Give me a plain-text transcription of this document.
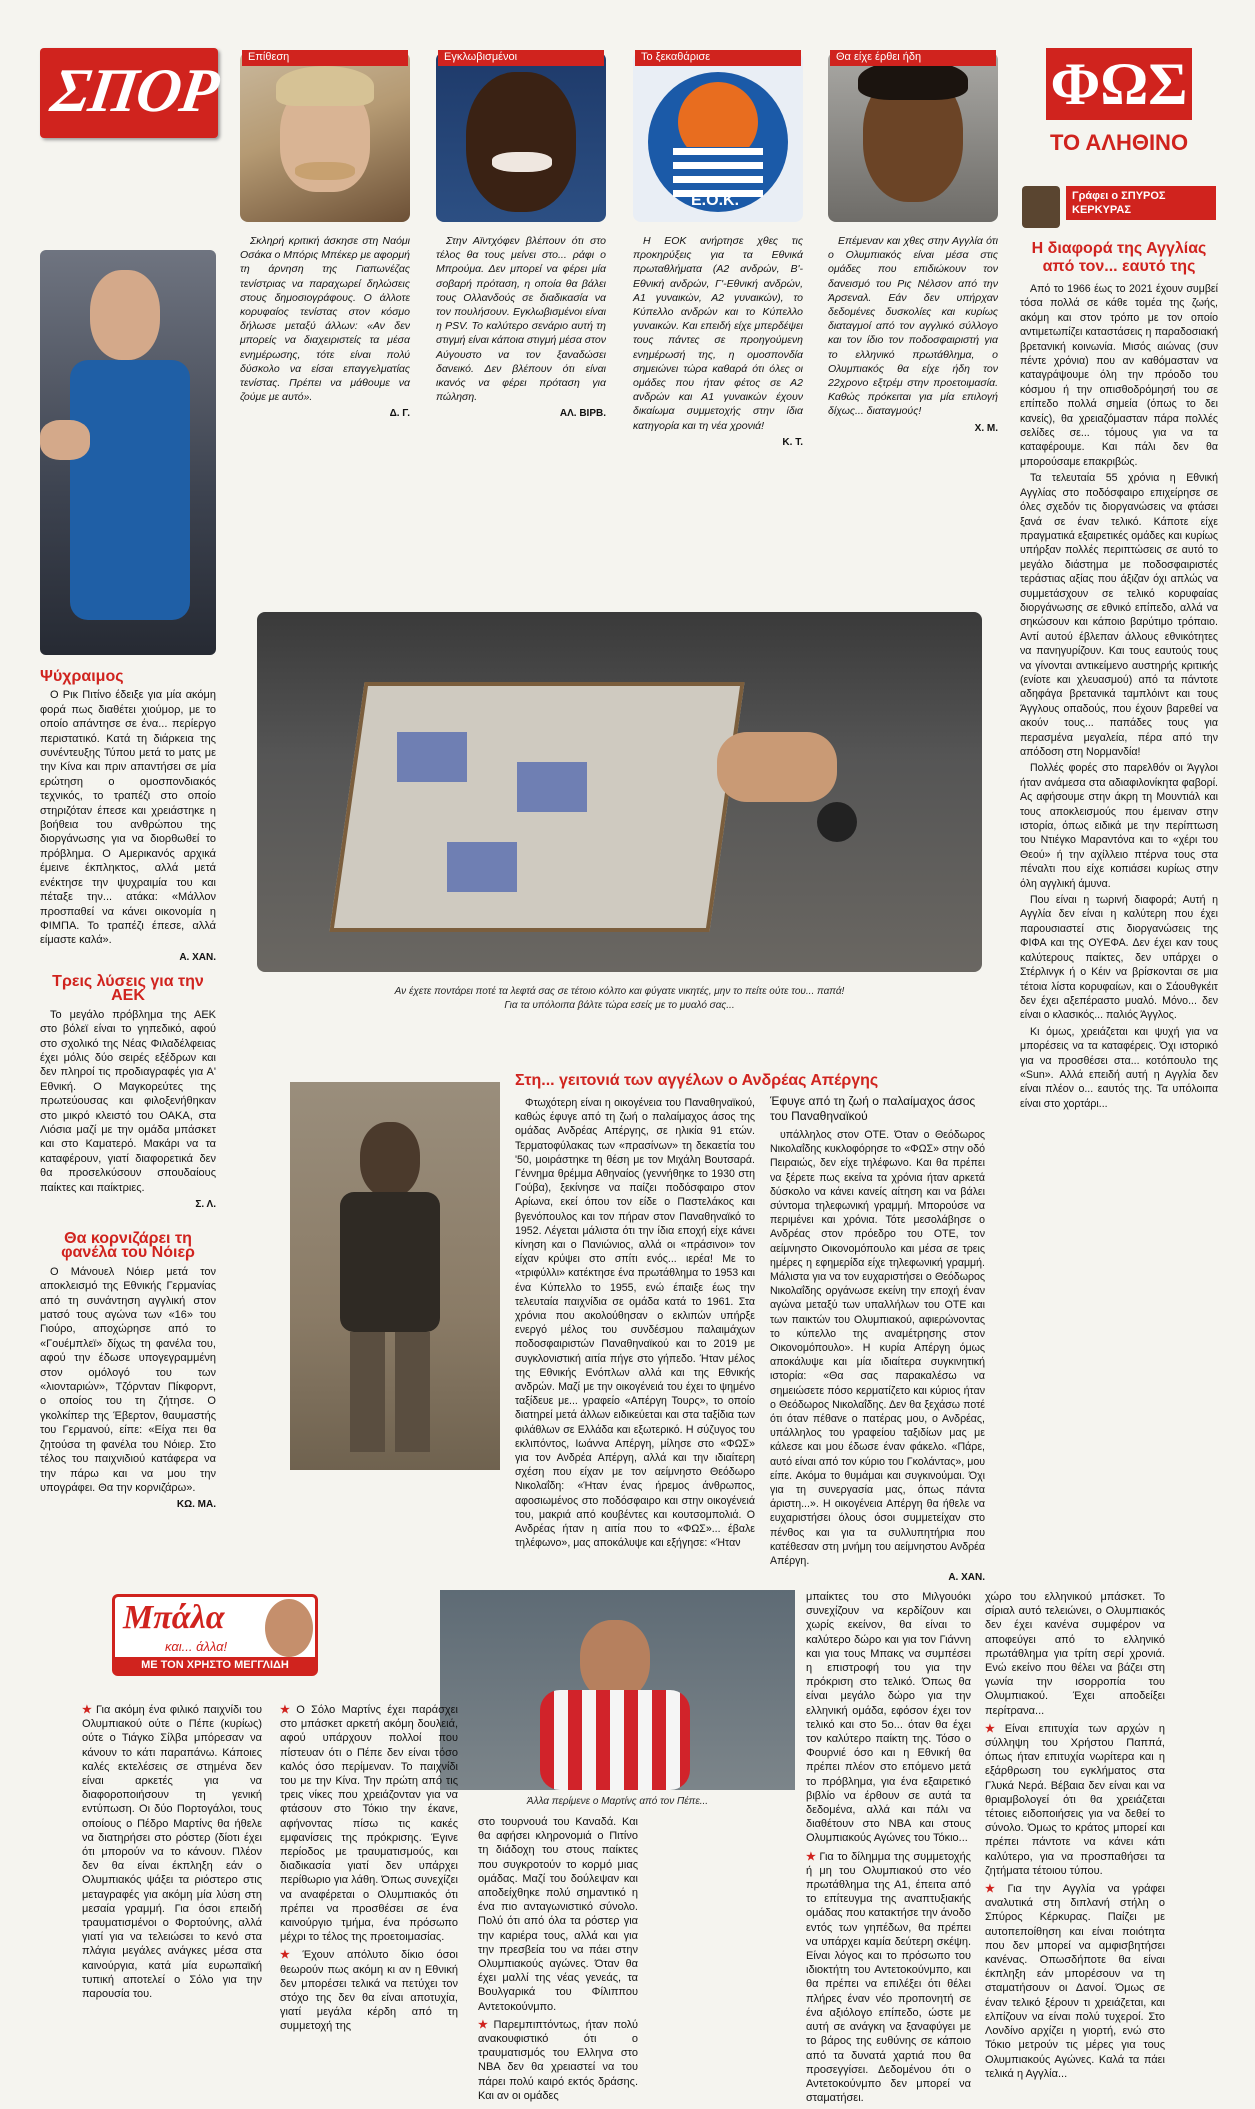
ΣΠΟΡ	Επίθεση	Εγκλωβισμένοι
Ε.Ο.Κ.
Το ξεκαθάρισε	Θα είχε έρθει ήδη	ΦΩΣ
ΤΟ ΑΛΗΘΙΝΟ
Γράφει ο ΣΠΥΡΟΣ ΚΕΡΚΥΡΑΣ

Σκληρή κριτική άσκησε στη Ναόμι Οσάκα ο Μπόρις Μπέκερ με αφορμή τη άρνηση της Γιαπωνέζας τενίστριας να παραχωρεί δηλώσεις στους δημοσιογράφους. Ο άλλοτε κορυφαίος τενίστας στον κόσμο δήλωσε μεταξύ άλλων: «Αν δεν μπορείς να διαχειριστείς τα μέσα ενημέρωσης, τότε είναι πολύ δύσκολο να είσαι επαγγελματίας τενίστας. Πρέπει να μάθουμε να ζούμε με αυτό».

Δ. Γ.

Στην Αϊντχόφεν βλέπουν ότι στο τέλος θα τους μείνει στο... ράφι ο Μπρούμα. Δεν μπορεί να φέρει μία σοβαρή πρόταση, η οποία θα βάλει τους Ολλανδούς σε διαδικασία να τον πουλήσουν. Εγκλωβισμένοι είναι η PSV. Το καλύτερο σενάριο αυτή τη στιγμή είναι κάποια στιγμή μέσα στον Αύγουστο να τον ξαναδώσει δανεικό. Δεν βλέπουν ότι είναι ικανός να φέρει πρόταση για πώληση.

ΑΛ. ΒΙΡΒ.

Η ΕΟΚ ανήρτησε χθες τις προκηρύξεις για τα Εθνικά πρωταθλήματα (Α2 ανδρών, Β'-Εθνική ανδρών, Γ'-Εθνική ανδρών, Α1 γυναικών, Α2 γυναικών), το Κύπελλο ανδρών και το Κύπελλο γυναικών. Και επειδή είχε μπερδέψει τους πάντες σε προηγούμενη ενημέρωσή της, η ομοσπονδία σημειώνει τώρα καθαρά ότι όλες οι ομάδες που ήταν φέτος σε Α2 ανδρών και Α1 γυναικών έχουν δικαίωμα συμμετοχής στην ίδια κατηγορία και τη νέα χρονιά!

Κ. Τ.

Επέμεναν και χθες στην Αγγλία ότι ο Ολυμπιακός είναι μέσα στις ομάδες που επιδιώκουν τον δανεισμό του Ρις Νέλσον από την Άρσεναλ. Εάν δεν υπήρχαν δεδομένες δυσκολίες και κυρίως διαταγμοί από τον αγγλικό σύλλογο και τον ίδιο τον ποδοσφαιριστή για το ελληνικό πρωτάθλημα, ο Ολυμπιακός θα είχε ήδη τον 22χρονο εξτρέμ στην προετοιμασία. Καθώς πρόκειται για μία επιλογή δίχως... διαταγμούς!

Χ. Μ.
Ψύχραιμος

Ο Ρικ Πιτίνο έδειξε για μία ακόμη φορά πως διαθέτει χιούμορ, με το οποίο απάντησε σε ένα... περίεργο περιστατικό. Κατά τη διάρκεια της συνέντευξης Τύπου μετά το ματς με την Κίνα και πριν απαντήσει σε μία ερώτηση ο ομοσπονδιακός τεχνικός, το τραπέζι στο οποίο στηριζόταν έπεσε και χρειάστηκε η βοήθεια του ανθρώπου της διοργάνωσης για να διορθωθεί το πρόβλημα. Ο Αμερικανός αρχικά έμεινε έκπληκτος, αλλά μετά ενέκτησε την ψυχραιμία του και πέταξε την... ατάκα: «Μάλλον προσπαθεί να κάνει οικονομία η ΦΙΜΠΑ. Το τραπέζι έπεσε, αλλά είμαστε καλά».

Α. ΧΑΝ.
Τρεις λύσεις για την ΑΕΚ

Το μεγάλο πρόβλημα της ΑΕΚ στο βόλεϊ είναι το γηπεδικό, αφού στο σχολικό της Νέας Φιλαδέλφειας έχει μόλις δύο σειρές εξέδρων και δεν πληροί τις προδιαγραφές για Α' Εθνική. Ο Μαγκορεύτες της πρωτεύουσας και φιλοξενήθηκαν στο μικρό κλειστό του ΟΑΚΑ, στα Λιόσια μαζί με την ομάδα μπάσκετ και στο Καματερό. Μακάρι να τα καταφέρουν, γιατί διαφορετικά δεν θα προσελκύσουν σπουδαίους παίκτες και παίκτριες.

Σ. Λ.
Θα κορνιζάρει τη φανέλα του Νόιερ

Ο Μάνουελ Νόιερ μετά τον αποκλεισμό της Εθνικής Γερμανίας από τη συνάντηση αγγλική στον ματσό τους αγώνα των «16» του Γιούρο, αποχώρησε από το «Γουέμπλεϊ» δίχως τη φανέλα του, αφού την έδωσε υπογεγραμμένη στον ομόλογό του των «λιονταριών», Τζόρνταν Πίκφορντ, ο οποίος του τη ζήτησε. Ο γκολκίπερ της Έβερτον, θαυμαστής του Γερμανού, είπε: «Είχα πει θα ζητούσα τη φανέλα του Νόιερ. Στο τέλος του παιχνιδιού κατάφερα να την πάρω και να μου την υπογράφει. Θα την κορνιζάρω».

ΚΩ. ΜΑ.
Αν έχετε ποντάρει ποτέ τα λεφτά σας σε τέτοιο κόλπο και φύγατε νικητές, μην το πείτε ούτε του... παπά!
Για τα υπόλοιπα βάλτε τώρα εσείς με το μυαλό σας...
Η διαφορά της Αγγλίας από τον... εαυτό της

Από το 1966 έως το 2021 έχουν συμβεί τόσα πολλά σε κάθε τομέα της ζωής, ακόμη και στον τρόπο με τον οποίο αντιμετωπίζει καταστάσεις η παραδοσιακή βρετανική κοινωνία. Μισός αιώνας (συν πέντε χρόνια) που αν καθόμασταν να καταγράψουμε όλη την πρόοδο του κόσμου ή την οπισθοδρόμησή του σε επίπεδο πολλά σημεία (όπως το δει κανείς), θα χρειαζόμασταν πάρα πολλές σελίδες σε... τόμους για να τα καταφέρουμε. Και πάλι δεν θα μπορούσαμε επακριβώς.

Τα τελευταία 55 χρόνια η Εθνική Αγγλίας στο ποδόσφαιρο επιχείρησε σε όλες σχεδόν τις διοργανώσεις να φτάσει ξανά σε έναν τελικό. Κάποτε είχε πραγματικά εξαιρετικές ομάδες και κυρίως υπήρξαν πολλές περιπτώσεις σε αυτό το μεγάλο διάστημα με ποδοσφαιριστές τεράστιας αξίας που άξιζαν όχι απλώς να συμμετάσχουν σε τελικό κορυφαίας διοργάνωσης σε εθνικό επίπεδο, αλλά να σηκώσουν και κάποιο βαρύτιμο τρόπαιο. Αντί αυτού έβλεπαν άλλους εθνικότητες να πανηγυρίζουν. Και τους εαυτούς τους να γίνονται αντικείμενο αυστηρής κριτικής (ενίοτε και χλευασμού) από τα πάντοτε αδηφάγα βρετανικά ταμπλόιντ και τους Άγγλους οπαδούς, που έχουν βαρεθεί να ακούν τους... παπάδες τους για περασμένα μεγαλεία, πέρα από την απόδοση στη Νορμανδία!

Πολλές φορές στο παρελθόν οι Άγγλοι ήταν ανάμεσα στα αδιαφιλονίκητα φαβορί. Ας αφήσουμε στην άκρη τη Μουντιάλ και τους αποκλεισμούς που έμειναν στην ιστορία, όπως ειδικά με την περίπτωση του Ντιέγκο Μαραντόνα και το «χέρι του Θεού» ή την αχίλλειο πτέρνα τους στα πέναλτι που είχε κοπιάσει κυρίως στην όλη αγγλική άμυνα.

Που είναι η τωρινή διαφορά; Αυτή η Αγγλία δεν είναι η καλύτερη που έχει παρουσιαστεί στις διοργανώσεις της ΦΙΦΑ και της ΟΥΕΦΑ. Δεν έχει καν τους καλύτερους παίκτες, δεν υπάρχει ο Στέρλινγκ ή ο Κέιν να βρίσκονται σε μια τέτοια λίστα κορυφαίων, και ο Σάουθγκέιτ δεν έχει αξεπέραστο μυαλό. Μόνο... δεν είναι ο κλασικός... παλιός Άγγλος.

Κι όμως, χρειάζεται και ψυχή για να μπορέσεις να τα καταφέρεις. Όχι ιστορικό για να προσθέσει στα... κοτόπουλο της «Sun». Αλλά επειδή αυτή η Αγγλία δεν είναι πλέον ο... εαυτός της. Τα υπόλοιπα είναι στο χορτάρι...

Στη... γειτονιά των αγγέλων ο Ανδρέας Απέργης
Έφυγε από τη ζωή ο παλαίμαχος άσος του Παναθηναϊκού

Φτωχότερη είναι η οικογένεια του Παναθηναϊκού, καθώς έφυγε από τη ζωή ο παλαίμαχος άσος της ομάδας Ανδρέας Απέργης, σε ηλικία 91 ετών. Τερματοφύλακας των «πρασίνων» τη δεκαετία του '50, μοιράστηκε τη θέση με τον Μιχάλη Βουτσαρά. Γέννημα θρέμμα Αθηναίος (γεννήθηκε το 1930 στη Γούβα), ξεκίνησε να παίζει ποδόσφαιρο στον Αρίωνα, εκεί όπου τον είδε ο Παστελάκος και βγενόπουλος και τον πήραν στον Παναθηναϊκό το 1952. Λέγεται μάλιστα ότι την ίδια εποχή είχε κάνει κίνηση και ο Πανιώνιος, αλλά οι «πράσινοι» τον είχαν κρύψει στο σπίτι ενός... ιερέα! Με το «τριφύλλι» κατέκτησε ένα πρωτάθλημα το 1953 και ένα Κύπελλο το 1955, ενώ έπαιξε έως την τελευταία παιχνίδια σε ομάδα κατά το 1961. Στα χρόνια που ακολούθησαν ο εκλιπών υπήρξε ενεργό μέλος του συνδέσμου παλαιμάχων ποδοσφαιριστών Παναθηναϊκού και το 2019 με συγκλονιστική αιτία πήγε στο γήπεδο. Ήταν μέλος της Εθνικής Ενόπλων αλλά και της Εθνικής ανδρών. Μαζί με την οικογένειά του έχει το ψημένο ταξίδευε με... γραφείο «Απέργη Τουρς», το οποίο διατηρεί μετά άλλων ειδικεύεται και στα ταξίδια των φιλάθλων σε Ελλάδα και εξωτερικό. Η σύζυγος του εκλιπόντος, Ιωάννα Απέργη, μίλησε στο «ΦΩΣ» για τον Ανδρέα Απέργη, αλλά και την ιδιαίτερη σχέση που είχαν με τον αείμνηστο Θεόδωρο Νικολαΐδη: «Ήταν ένας ήρεμος άνθρωπος, αφοσιωμένος στο ποδόσφαιρο και στην οικογένειά του, μακριά από κουβέντες και κουτσομπολιά. Ο Ανδρέας ήταν η αιτία που το «ΦΩΣ»... έβαλε τηλέφωνο», μας αποκάλυψε και εξήγησε: «Ήταν

υπάλληλος στον ΟΤΕ. Όταν ο Θεόδωρος Νικολαΐδης κυκλοφόρησε το «ΦΩΣ» στην οδό Πειραιώς, δεν είχε τηλέφωνο. Και θα πρέπει να ξέρετε πως εκείνα τα χρόνια ήταν αρκετά δύσκολο να κάνει κανείς αίτηση και να βάλει σύντομα τηλεφωνική γραμμή. Μπορούσε να περιμένει και χρόνια. Τότε μεσολάβησε ο Ανδρέας στον πρόεδρο του ΟΤΕ, τον αείμνηστο Οικονομόπουλο και μέσα σε τρεις ημέρες η εφημερίδα είχε τηλεφωνική γραμμή. Μάλιστα για να τον ευχαριστήσει ο Θεόδωρος Νικολαΐδης οργάνωσε εκείνη την εποχή έναν αγώνα μεταξύ των υπαλλήλων του ΟΤΕ και των παικτών του Ολυμπιακού, αφιερώνοντας το κύπελλο της αναμέτρησης στον Οικονομόπουλο». Η κυρία Απέργη όμως αποκάλυψε και μία ιδιαίτερα συγκινητική ιστορία: «Θα σας παρακαλέσω να σημειώσετε πόσο κερματίζετο και κύριος ήταν ο Θεόδωρος Νικολαΐδης. Δεν θα ξεχάσω ποτέ ότι όταν πέθανε ο πατέρας μου, ο Ανδρέας, υπάλληλος του γραφείου ταξιδίων μας με κάλεσε και μου έδωσε έναν φάκελο. «Πάρε, αυτό είναι από τον κύριο του Γκολάντας», μου είπε. Ακόμα το θυμάμαι και συγκινούμαι. Όχι για τη συνεργασία μας, όπως πάντα άριστη...». Η οικογένεια Απέργη θα ήθελε να ευχαριστήσει όλους όσοι συμμετείχαν στο πένθος και για τα συλλυπητήρια που κατέθεσαν στη μνήμη του αείμνηστου Ανδρέα Απέργη.

Α. ΧΑΝ.
Μπάλα
και... άλλα!
ΜΕ ΤΟΝ ΧΡΗΣΤΟ ΜΕΓΓΛΙΔΗ
Άλλα περίμενε ο Μαρτίνς από τον Πέπε...

★ Για ακόμη ένα φιλικό παιχνίδι του Ολυμπιακού ούτε ο Πέπε (κυρίως) ούτε ο Τιάγκο Σίλβα μπόρεσαν να κάνουν το κάτι παραπάνω. Κάποιες καλές εκτελέσεις σε στημένα δεν είναι αρκετές για να διαφοροποιήσουν τη γενική εντύπωση. Οι δύο Πορτογάλοι, τους οποίους ο Πέδρο Μαρτίνς θα ήθελε να διατηρήσει στο ρόστερ (δίοτι έχει ότι μπορούν να το κάνουν. Πλέον δεν θα είναι έκπληξη εάν ο Ολυμπιακός ψάξει τα ριόστερο στις μεταγραφές για ακόμη μία λύση στη μεσαία γραμμή. Για όσοι επειδή τραυματισμένοι ο Φορτούνης, αλλά γιατί για να τελειώσει το κενό στα πλάγια μεγάλες ανάγκες μέσα στα καινούργια, κατά μία ευρωπαϊκή τυπική αποτελεί ο Σόλο για την παρουσία του.

★ Ο Σόλο Μαρτίνς έχει παράσχει στο μπάσκετ αρκετή ακόμη δουλειά, αφού υπάρχουν πολλοί που πίστευαν ότι ο Πέπε δεν είναι τόσο καλός όσο περίμεναν. Το παιχνίδι του με την Κίνα. Την πρώτη από τις τρεις νίκες που χρειάζονταν για να φτάσουν στο Τόκιο την έκανε, αφήνοντας πίσω τις κακές εμφανίσεις της πρόκρισης. Έγινε περίοδος με τραυματισμούς, και διαδικασία γιατί δεν υπάρχει περίθωριο για λάθη. Όπως συνεχίζει να αναφέρεται ο Ολυμπιακός ότι πρέπει να προσθέσει σε ένα καινούργιο τμήμα, ένα πρόσωπο μέχρι το τέλος της προετοιμασίας.

★ Έχουν απόλυτο δίκιο όσοι θεωρούν πως ακόμη κι αν η Εθνική δεν μπορέσει τελικά να πετύχει τον στόχο της δεν θα είναι αποτυχία, γιατί μεγάλα κέρδη από τη συμμετοχή της

στο τουρνουά του Καναδά. Και θα αφήσει κληρονομιά ο Πιτίνο τη διάδοχη του στους παίκτες που συγκροτούν το κορμό μιας ομάδας. Μαζί του δούλεψαν και αποδείχθηκε πολύ σημαντικό η ένα πιο ανταγωνιστικό σύνολο. Πολύ ότι από όλα τα ρόστερ για την καριέρα τους, αλλά και για την πρεσβεία του να πάει στην Ολυμπιακούς αγώνες. Όταν θα έχει μαλλί της νέας γενεάς, τα Βουλγαρικά του Φίλιππου Αντετοκούνμπο.

★ Παρεμπιπτόντως, ήταν πολύ ανακουφιστικό ότι ο τραυματισμός του Ελληνα στο NBA δεν θα χρειαστεί να του πάρει πολύ καιρό εκτός δράσης. Και αν οι ομάδες

μπαίκτες του στο Μιλγουόκι συνεχίζουν να κερδίζουν και χωρίς εκείνον, θα είναι το καλύτερο δώρο και για τον Γιάννη και για τους Μπακς να συμπέσει η επιστροφή του για την πρόκριση στο τελικό. Όπως θα είναι μεγάλο δώρο για την ελληνική ομάδα, εφόσον έχει τον τελικό και στο 5ο... όταν θα έχει τον καλύτερο παίκτη της. Τόσο ο Φουρνιέ όσο και η Εθνική θα πρέπει πλέον στο επόμενο μετά το πρόβλημα, για ένα εξαιρετικό βιβλίο να έρθουν σε αυτά τα δεδομένα, αλλά και πάλι να διαθέτουν στο ΝΒΑ και στους Ολυμπιακούς Αγώνες του Τόκιο...

★ Για το δίλημμα της συμμετοχής ή μη του Ολυμπιακού στο νέο πρωτάθλημα της Α1, έπειτα από το επίτευγμα της αναπτυξιακής ομάδας που κατακτήσε την άνοδο εντός των γηπέδων, θα πρέπει να υπάρχει καμία δεύτερη σκέψη. Είναι λόγος και το πρόσωπο του ιδιοκτήτη του Αντετοκούνμπο, και θα πρέπει να επιλέξει ότι θέλει πλήρες έναν νέο προπονητή σε ένα αξιόλογο επίπεδο, ώστε με αυτή σε ανάγκη να ξαναφύγει με το βάρος της ευθύνης σε κάποιο από τα δυνατά χαρτιά που θα προσεγγίσει. Δεδομένου ότι ο Αντετοκούνμπο δεν μπορεί να σταματήσει.

χώρο του ελληνικού μπάσκετ. Το σίριαλ αυτό τελειώνει, ο Ολυμπιακός δεν έχει κανένα συμφέρον να αποφεύγει από το ελληνικό πρωτάθλημα για τρίτη σερί χρονιά. Ενώ εκείνο που θέλει να βάζει στη γωνία την ισορροπία του Ολυμπιακού. Έχει αποδείξει περίτρανα...

★ Είναι επιτυχία των αρχών η σύλληψη του Χρήστου Παππά, όπως ήταν επιτυχία νωρίτερα και η εξάρθρωση του εγκλήματος στα Γλυκά Νερά. Βέβαια δεν είναι και να θριαμβολογεί ότι θα χρειάζεται τέτοιες ειδοποιήσεις για να δεθεί το σύνολο. Όμως το κράτος μπορεί και πρέπει πάντοτε να κάνει κάτι καλύτερο, για να προσπαθήσει τα ζητήματα τέτοιου τύπου.

★ Για την Αγγλία να γράφει αναλυτικά στη διπλανή στήλη ο Σπύρος Κέρκυρας. Παίζει με αυτοπεποίθηση και είναι ποιότητα που δεν μπορεί να αμφισβητήσει κανένας. Οπωσδήποτε θα είναι έκπληξη εάν μπορέσουν να τη σταματήσουν οι Δανοί. Όμως σε έναν τελικό ξέρουν τι χρειάζεται, και ελπίζουν να είναι πολύ τυχεροί. Στο Λονδίνο αρχίζει η γιορτή, ενώ στο Τόκιο μετρούν τις μέρες για τους Ολυμπιακούς Αγώνες. Καλά τα πάει τελικά η Αγγλία...
